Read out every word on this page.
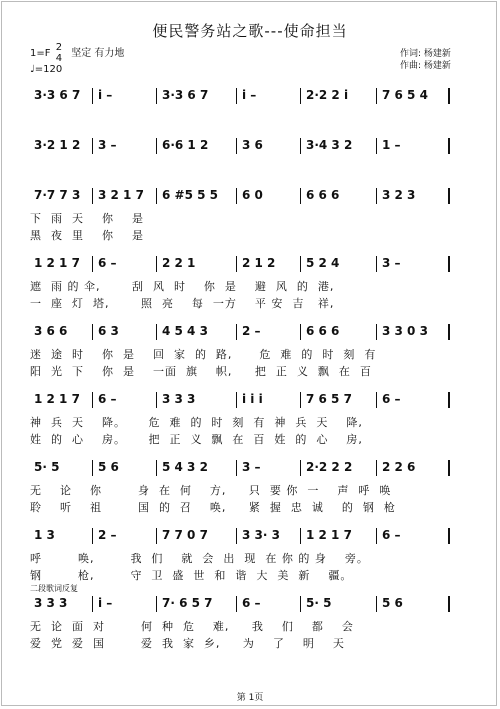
便民警务站之歌---使命担当
作词: 杨建新
作曲: 杨建新
1=F
2
4 坚定 有力地
♩=120
3·3 6 7 i –	3·3 6 7	i –	2·2 2 i	7 6 5 4
3·2 1 2 3 –	6·6 1 2	3 6	3·4 3 2 1 –
7·7 7 3 3 2 1 7 6 #5 5 5 6 0	6 6 6	3 2 3
下  雨  天    你    是
黑  夜  里    你    是
1 2 1 7 6 –	2 2 1	2 1 2	5 2 4	3 –
遮  雨 的 伞,       刮  风  时    你  是    避  风  的  港,
一  座  灯  塔,       照  亮    每  一方    平 安  吉   祥,
3 6 6	6 3	4 5 4 3	2 –	6 6 6	3 3 0 3
迷  途  时    你  是    回  家  的  路,      危  难  的  时  刻  有
阳  光  下    你  是    一面  旗    帜,     把  正  义  飘  在  百
1 2 1 7 6 –	3 3 3	i i i	7 6 5 7	6 –
神  兵  天    降。     危  难  的  时  刻  有  神  兵  天    降,
姓  的  心    房。     把  正  义  飘  在  百  姓  的  心    房,
5· 5	5 6	5 4 3 2	3 –	2·2 2 2 2 2 6
无    论    你        身  在  何    方,     只  要 你  一    声  呼  唤
聆    听    祖        国  的  召    唤,     紧  握  忠  诚    的  钢  枪
1 3	2 –	7 7 0 7	3 3· 3 1 2 1 7	6 –
呼        唤,        我  们    就  会  出  现  在 你 的 身    旁。
钢        枪,        守  卫  盛  世  和  谐  大  美  新    疆。
3 3 3	i –	7· 6 5 7 6 –	5· 5	5 6
无  论  面  对        何  种  危    难,     我    们    都    会
爱  党  爱  国        爱  我  家  乡,     为    了    明    天
二段歌词反复
第 1页
